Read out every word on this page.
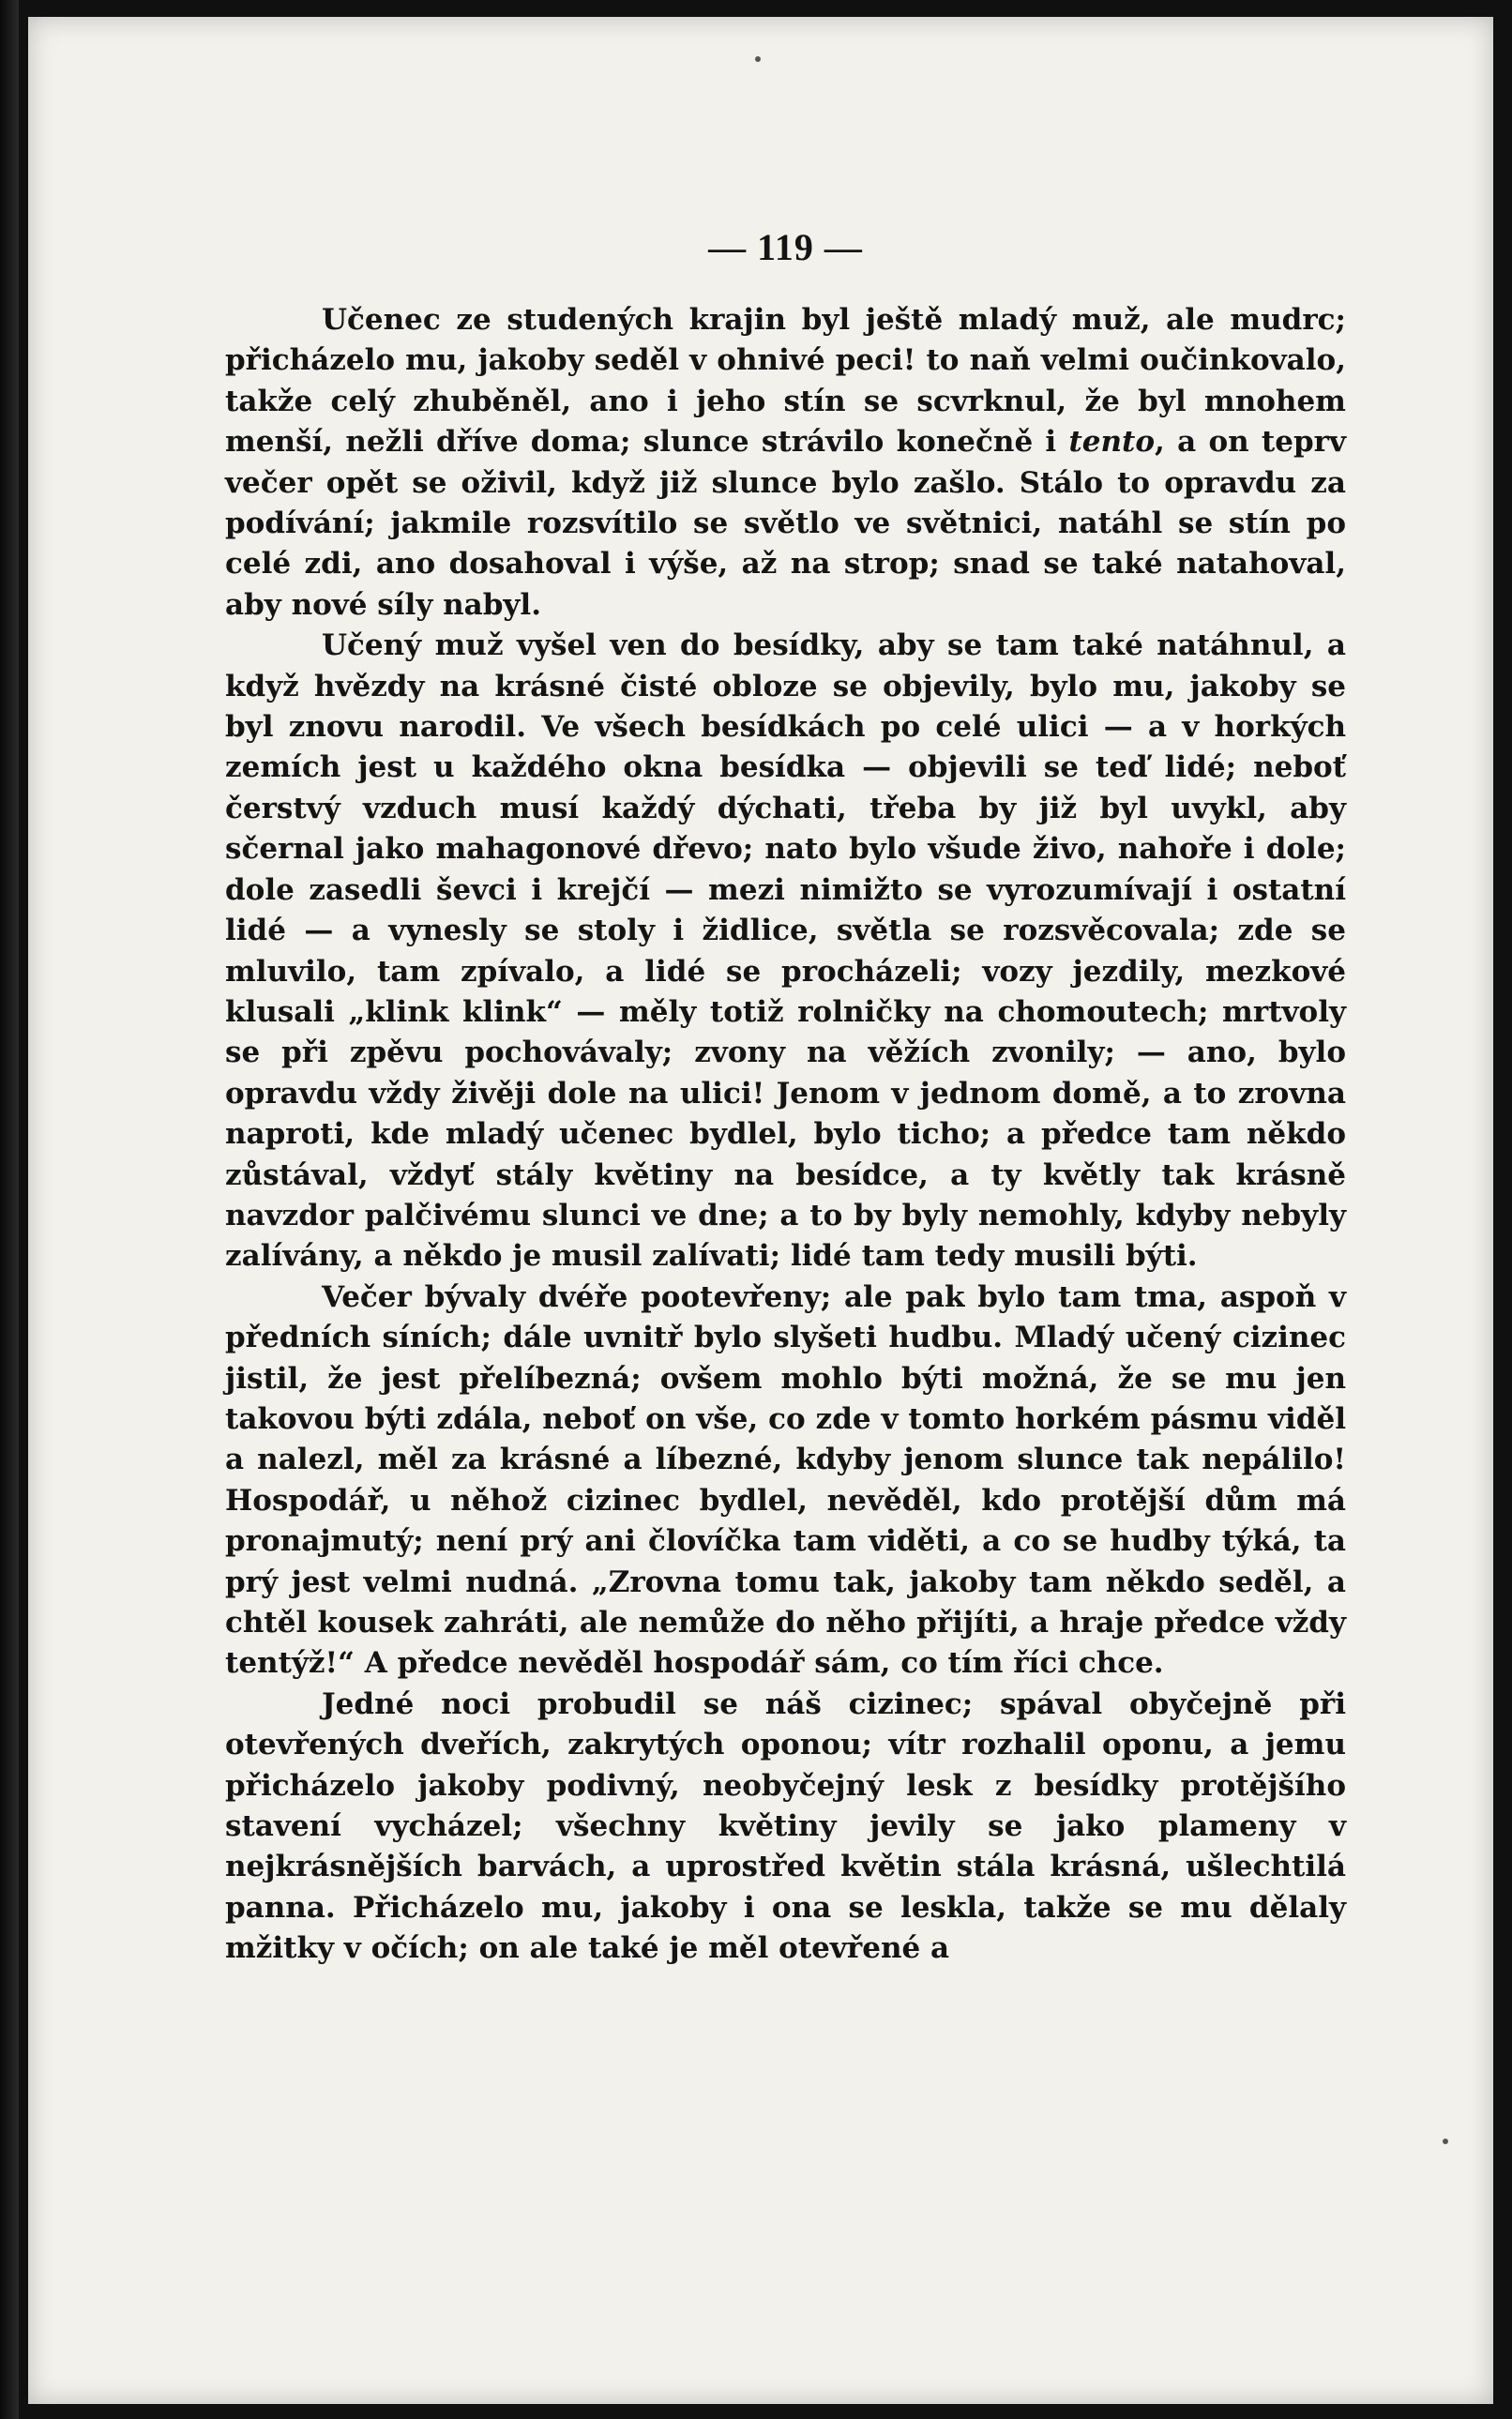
— 119 —

Učenec ze studených krajin byl ještě mladý muž, ale mudrc; přicházelo mu, jakoby seděl v ohnivé peci! to naň velmi oučinkovalo, takže celý zhuběněl, ano i jeho stín se scvrknul, že byl mnohem menší, nežli dříve doma; slunce strávilo konečně i tento, a on teprv večer opět se oživil, když již slunce bylo zašlo. Stálo to opravdu za podívání; jakmile rozsvítilo se světlo ve světnici, natáhl se stín po celé zdi, ano dosahoval i výše, až na strop; snad se také natahoval, aby nové síly nabyl.

Učený muž vyšel ven do besídky, aby se tam také natáhnul, a když hvězdy na krásné čisté obloze se objevily, bylo mu, jakoby se byl znovu narodil. Ve všech besídkách po celé ulici — a v horkých zemích jest u každého okna besídka — objevili se teď lidé; neboť čerstvý vzduch musí každý dýchati, třeba by již byl uvykl, aby sčernal jako mahagonové dřevo; nato bylo všude živo, nahoře i dole; dole zasedli ševci i krejčí — mezi nimižto se vyrozumívají i ostatní lidé — a vynesly se stoly i židlice, světla se rozsvěcovala; zde se mluvilo, tam zpívalo, a lidé se procházeli; vozy jezdily, mezkové klusali „klink klink“ — měly totiž rolničky na chomoutech; mrtvoly se při zpěvu pochovávaly; zvony na věžích zvonily; — ano, bylo opravdu vždy živěji dole na ulici! Jenom v jednom domě, a to zrovna naproti, kde mladý učenec bydlel, bylo ticho; a předce tam někdo zůstával, vždyť stály květiny na besídce, a ty květly tak krásně navzdor palčivému slunci ve dne; a to by byly nemohly, kdyby nebyly zalívány, a někdo je musil zalívati; lidé tam tedy musili býti.

Večer bývaly dvéře pootevřeny; ale pak bylo tam tma, aspoň v předních síních; dále uvnitř bylo slyšeti hudbu. Mladý učený cizinec jistil, že jest přelíbezná; ovšem mohlo býti možná, že se mu jen takovou býti zdála, neboť on vše, co zde v tomto horkém pásmu viděl a nalezl, měl za krásné a líbezné, kdyby jenom slunce tak nepálilo! Hospodář, u něhož cizinec bydlel, nevěděl, kdo protější dům má pronajmutý; není prý ani človíčka tam viděti, a co se hudby týká, ta prý jest velmi nudná. „Zrovna tomu tak, jakoby tam někdo seděl, a chtěl kousek zahráti, ale nemůže do něho přijíti, a hraje předce vždy tentýž!“ A předce nevěděl hospodář sám, co tím říci chce.

Jedné noci probudil se náš cizinec; spával obyčejně při otevřených dveřích, zakrytých oponou; vítr rozhalil oponu, a jemu přicházelo jakoby podivný, neobyčejný lesk z besídky protějšího stavení vycházel; všechny květiny jevily se jako plameny v nejkrásnějších barvách, a uprostřed květin stála krásná, ušlechtilá panna. Přicházelo mu, jakoby i ona se leskla, takže se mu dělaly mžitky v očích; on ale také je měl otevřené a
